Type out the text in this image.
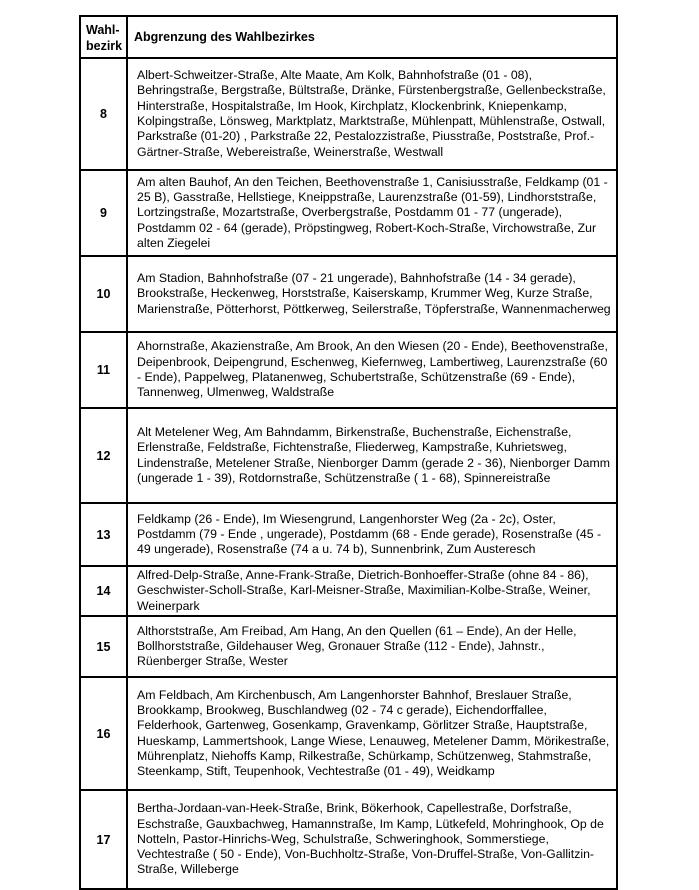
Wahl-
bezirk	Abgrenzung des Wahlbezirkes
8	Albert-Schweitzer-Straße, Alte Maate, Am Kolk, Bahnhofstraße (01 - 08), Behringstraße, Bergstraße, Bültstraße, Dränke, Fürstenbergstraße, Gellenbeckstraße, Hinterstraße, Hospitalstraße, Im Hook, Kirchplatz, Klockenbrink, Kniepenkamp, Kolpingstraße, Lönsweg, Marktplatz, Marktstraße, Mühlenpatt, Mühlenstraße, Ostwall, Parkstraße (01-20) , Parkstraße 22, Pestalozzistraße, Piusstraße, Poststraße, Prof.-Gärtner-Straße, Webereistraße, Weinerstraße, Westwall
9	Am alten Bauhof, An den Teichen, Beethovenstraße 1, Canisiusstraße, Feldkamp (01 - 25 B), Gasstraße, Hellstiege, Kneippstraße, Laurenzstraße (01-59), Lindhorststraße, Lortzingstraße, Mozartstraße, Overbergstraße, Postdamm 01 - 77 (ungerade), Postdamm 02 - 64 (gerade), Pröpstingweg, Robert-Koch-Straße, Virchowstraße, Zur alten Ziegelei
10	Am Stadion, Bahnhofstraße (07 - 21 ungerade), Bahnhofstraße (14 - 34 gerade), Brookstraße, Heckenweg, Horststraße, Kaiserskamp, Krummer Weg, Kurze Straße, Marienstraße, Pötterhorst, Pöttkerweg, Seilerstraße, Töpferstraße, Wannenmacherweg
11	Ahornstraße, Akazienstraße, Am Brook, An den Wiesen (20 - Ende), Beethovenstraße, Deipenbrook, Deipengrund, Eschenweg, Kiefernweg, Lambertiweg, Laurenzstraße (60 - Ende), Pappelweg, Platanenweg, Schubertstraße, Schützenstraße (69 - Ende), Tannenweg, Ulmenweg, Waldstraße
12	Alt Metelener Weg, Am Bahndamm, Birkenstraße, Buchenstraße, Eichenstraße, Erlenstraße, Feldstraße, Fichtenstraße, Fliederweg, Kampstraße, Kuhrietsweg, Lindenstraße, Metelener Straße, Nienborger Damm (gerade 2 - 36), Nienborger Damm (ungerade 1 - 39), Rotdornstraße, Schützenstraße ( 1 - 68), Spinnereistraße
13	Feldkamp (26 - Ende), Im Wiesengrund, Langenhorster Weg (2a - 2c), Oster, Postdamm (79 - Ende , ungerade), Postdamm (68 - Ende gerade), Rosenstraße (45 - 49 ungerade), Rosenstraße (74 a u. 74 b), Sunnenbrink, Zum Austeresch
14	Alfred-Delp-Straße, Anne-Frank-Straße, Dietrich-Bonhoeffer-Straße (ohne 84 - 86), Geschwister-Scholl-Straße, Karl-Meisner-Straße, Maximilian-Kolbe-Straße, Weiner, Weinerpark
15	Althorststraße, Am Freibad, Am Hang, An den Quellen (61 – Ende), An der Helle, Bollhorststraße, Gildehauser Weg, Gronauer Straße (112 - Ende), Jahnstr., Rüenberger Straße, Wester
16	Am Feldbach, Am Kirchenbusch, Am Langenhorster Bahnhof, Breslauer Straße, Brookkamp, Brookweg, Buschlandweg (02 - 74 c gerade), Eichendorffallee, Felderhook, Gartenweg, Gosenkamp, Gravenkamp, Görlitzer Straße, Hauptstraße, Hueskamp, Lammertshook, Lange Wiese, Lenauweg, Metelener Damm, Mörikestraße, Mührenplatz, Niehoffs Kamp, Rilkestraße, Schürkamp, Schützenweg, Stahmstraße, Steenkamp, Stift, Teupenhook, Vechtestraße (01 - 49), Weidkamp
17	Bertha-Jordaan-van-Heek-Straße, Brink, Bökerhook, Capellestraße, Dorfstraße, Eschstraße, Gauxbachweg, Hamannstraße, Im Kamp, Lütkefeld, Mohringhook, Op de Notteln, Pastor-Hinrichs-Weg, Schulstraße, Schweringhook, Sommerstiege, Vechtestraße ( 50 - Ende), Von-Buchholtz-Straße, Von-Druffel-Straße, Von-Gallitzin-Straße, Willeberge
